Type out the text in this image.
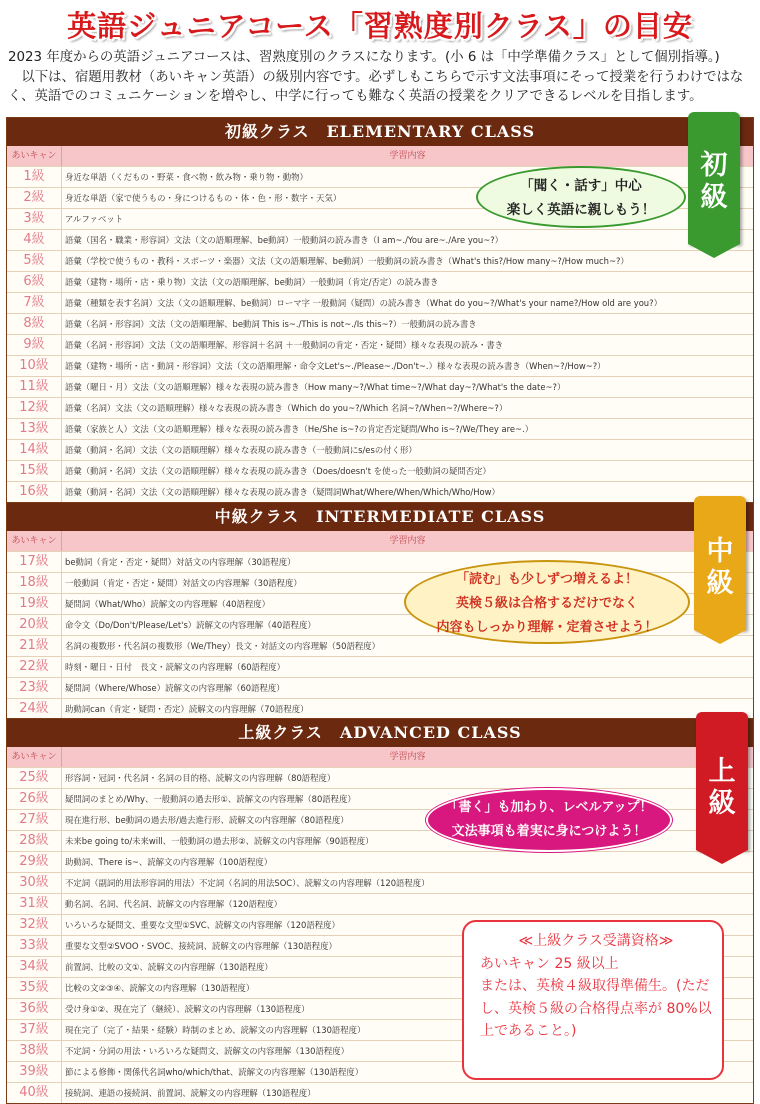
英語ジュニアコース「習熟度別クラス」の目安

2023 年度からの英語ジュニアコースは、習熟度別のクラスになります。(小 6 は「中学準備クラス」として個別指導。)

　以下は、宿題用教材（あいキャン英語）の級別内容です。必ずしもこちらで示す文法事項にそって授業を行うわけではなく、英語でのコミュニケーションを増やし、中学に行っても難なく英語の授業をクリアできるレベルを目指します。

初級クラス　ELEMENTARY CLASS
あいキャン	学習内容
1級	身近な単語（くだもの・野菜・食べ物・飲み物・乗り物・動物）
2級	身近な単語（家で使うもの・身につけるもの・体・色・形・数字・天気）
3級	アルファベット
4級	語彙（国名・職業・形容詞）文法（文の語順理解、be動詞）一般動詞の読み書き（I am~./You are~./Are you~?）
5級	語彙（学校で使うもの・教科・スポーツ・楽器）文法（文の語順理解、be動詞）一般動詞の読み書き（What's this?/How many~?/How much~?）
6級	語彙（建物・場所・店・乗り物）文法（文の語順理解、be動詞）一般動詞（肯定/否定）の読み書き
7級	語彙（種類を表す名詞）文法（文の語順理解、be動詞）ローマ字 一般動詞（疑問）の読み書き（What do you~?/What's your name?/How old are you?）
8級	語彙（名詞・形容詞）文法（文の語順理解、be動詞 This is~./This is not~./Is this~?）一般動詞の読み書き
9級	語彙（名詞・形容詞）文法（文の語順理解、形容詞＋名詞 ＋一般動詞の肯定・否定・疑問）様々な表現の読み・書き
10級	語彙（建物・場所・店・動詞・形容詞）文法（文の語順理解・命令文Let's~./Please~./Don't~.）様々な表現の読み書き（When~?/How~?）
11級	語彙（曜日・月）文法（文の語順理解）様々な表現の読み書き（How many~?/What time~?/What day~?/What's the date~?）
12級	語彙（名詞）文法（文の語順理解）様々な表現の読み書き（Which do you~?/Which 名詞~?/When~?/Where~?）
13級	語彙（家族と人）文法（文の語順理解）様々な表現の読み書き（He/She is~?の肯定否定疑問/Who is~?/We/They are~.）
14級	語彙（動詞・名詞）文法（文の語順理解）様々な表現の読み書き（一般動詞にs/esの付く形）
15級	語彙（動詞・名詞）文法（文の語順理解）様々な表現の読み書き（Does/doesn't を使った一般動詞の疑問否定）
16級	語彙（動詞・名詞）文法（文の語順理解）様々な表現の読み書き（疑問詞What/Where/When/Which/Who/How）
中級クラス　INTERMEDIATE CLASS
あいキャン	学習内容
17級	be動詞（肯定・否定・疑問）対話文の内容理解（30語程度）
18級	一般動詞（肯定・否定・疑問）対話文の内容理解（30語程度）
19級	疑問詞（What/Who）読解文の内容理解（40語程度）
20級	命令文（Do/Don't/Please/Let's）読解文の内容理解（40語程度）
21級	名詞の複数形・代名詞の複数形（We/They）長文・対話文の内容理解（50語程度）
22級	時刻・曜日・日付　長文・読解文の内容理解（60語程度）
23級	疑問詞（Where/Whose）読解文の内容理解（60語程度）
24級	助動詞can（肯定・疑問・否定）読解文の内容理解（70語程度）
上級クラス　ADVANCED CLASS
あいキャン	学習内容
25級	形容詞・冠詞・代名詞・名詞の目的格、読解文の内容理解（80語程度）
26級	疑問詞のまとめ/Why、一般動詞の過去形①、読解文の内容理解（80語程度）
27級	現在進行形、be動詞の過去形/過去進行形、読解文の内容理解（80語程度）
28級	未来be going to/未来will、一般動詞の過去形②、読解文の内容理解（90語程度）
29級	助動詞、There is~、読解文の内容理解（100語程度）
30級	不定詞（副詞的用法形容詞的用法）不定詞（名詞的用法SOC）、読解文の内容理解（120語程度）
31級	動名詞、名詞、代名詞、読解文の内容理解（120語程度）
32級	いろいろな疑問文、重要な文型①SVC、読解文の内容理解（120語程度）
33級	重要な文型②SVOO・SVOC、接続詞、読解文の内容理解（130語程度）
34級	前置詞、比較の文①、読解文の内容理解（130語程度）
35級	比較の文②③④、読解文の内容理解（130語程度）
36級	受け身①②、現在完了（継続）、読解文の内容理解（130語程度）
37級	現在完了（完了・結果・経験）時制のまとめ、読解文の内容理解（130語程度）
38級	不定詞・分詞の用法・いろいろな疑問文、読解文の内容理解（130語程度）
39級	節による修飾・関係代名詞who/which/that、読解文の内容理解（130語程度）
40級	接続詞、連語の接続詞、前置詞、読解文の内容理解（130語程度）
初級
中級
上級
「聞く・話す」中心
楽しく英語に親しもう！
「読む」も少しずつ増えるよ！
英検５級は合格するだけでなく
内容もしっかり理解・定着させよう！
「書く」も加わり、レベルアップ！
文法事項も着実に身につけよう！
≪上級クラス受講資格≫
あいキャン 25 級以上
または、英検４級取得準備生。(ただし、英検５級の合格得点率が 80%以上であること。)
